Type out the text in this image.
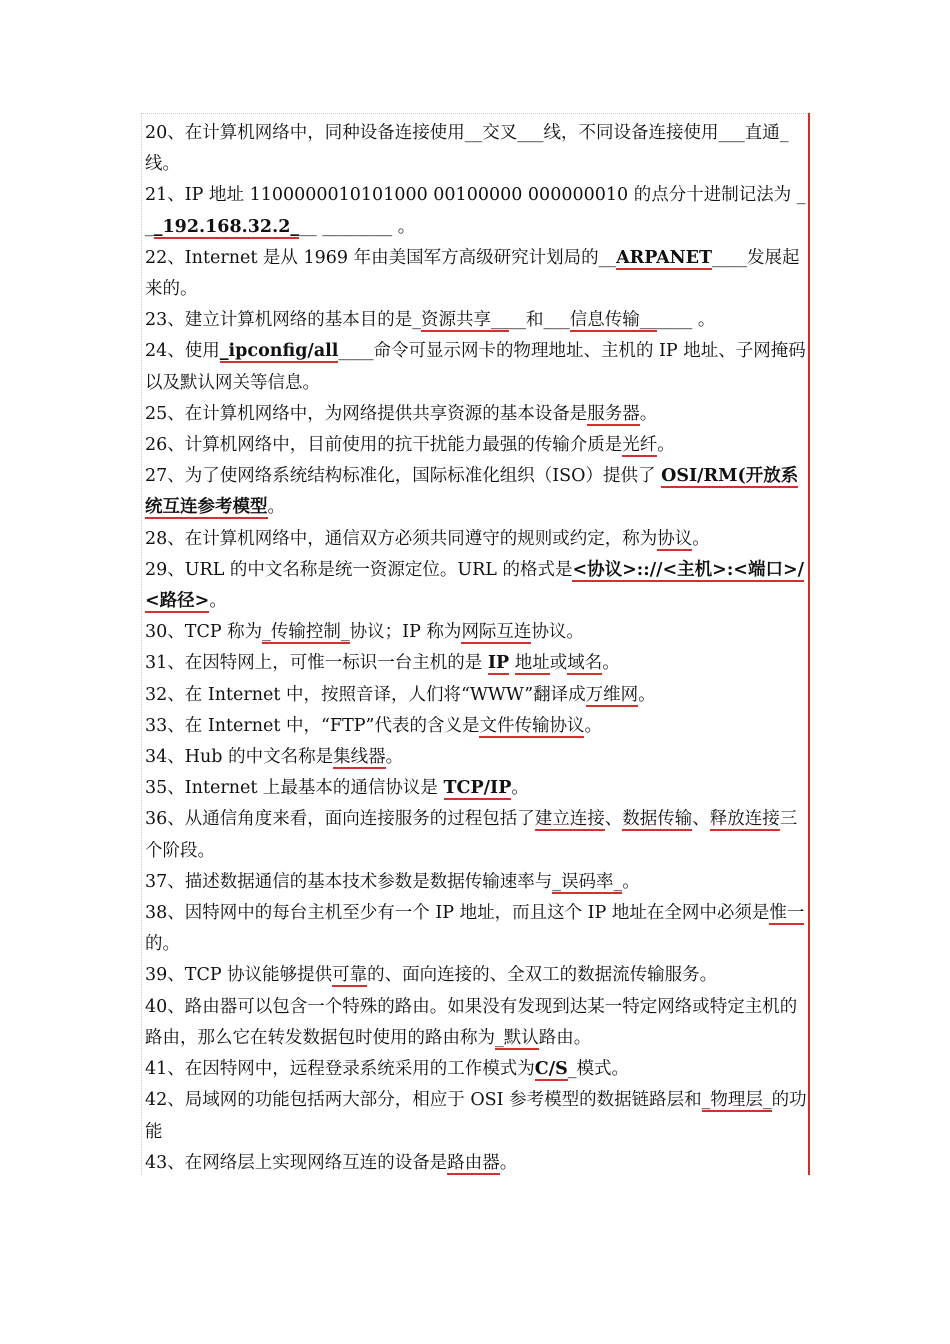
20、在计算机网络中，同种设备连接使用__交叉___线，不同设备连接使用___直通_线。

21、IP 地址 1100000010101000 00100000 000000010 的点分十进制记法为 ___192.168.32.2___ ________ 。

22、Internet 是从 1969 年由美国军方高级研究计划局的__ARPANET____发展起来的。

23、建立计算机网络的基本目的是_资源共享____和___信息传输______ 。

24、使用_ipconfig/all____命令可显示网卡的物理地址、主机的 IP 地址、子网掩码以及默认网关等信息。

25、在计算机网络中，为网络提供共享资源的基本设备是服务器。

26、计算机网络中，目前使用的抗干扰能力最强的传输介质是光纤。

27、为了使网络系统结构标准化，国际标准化组织（ISO）提供了 OSI/RM(开放系统互连参考模型。

28、在计算机网络中，通信双方必须共同遵守的规则或约定，称为协议。

29、URL 的中文名称是统一资源定位。URL 的格式是<协议>:://<主机>:<端口>/<路径>。

30、TCP 称为_传输控制_协议；IP 称为网际互连协议。

31、在因特网上，可惟一标识一台主机的是 IP 地址或域名。

32、在 Internet 中，按照音译，人们将“WWW”翻译成万维网。

33、在 Internet 中，“FTP”代表的含义是文件传输协议。

34、Hub 的中文名称是集线器。

35、Internet 上最基本的通信协议是 TCP/IP。

36、从通信角度来看，面向连接服务的过程包括了建立连接、数据传输、释放连接三个阶段。

37、描述数据通信的基本技术参数是数据传输速率与_误码率_。

38、因特网中的每台主机至少有一个 IP 地址，而且这个 IP 地址在全网中必须是惟一的。

39、TCP 协议能够提供可靠的、面向连接的、全双工的数据流传输服务。

40、路由器可以包含一个特殊的路由。如果没有发现到达某一特定网络或特定主机的路由，那么它在转发数据包时使用的路由称为_默认路由。

41、在因特网中，远程登录系统采用的工作模式为C/S_模式。

42、局域网的功能包括两大部分，相应于 OSI 参考模型的数据链路层和_物理层_的功能

43、在网络层上实现网络互连的设备是路由器。
